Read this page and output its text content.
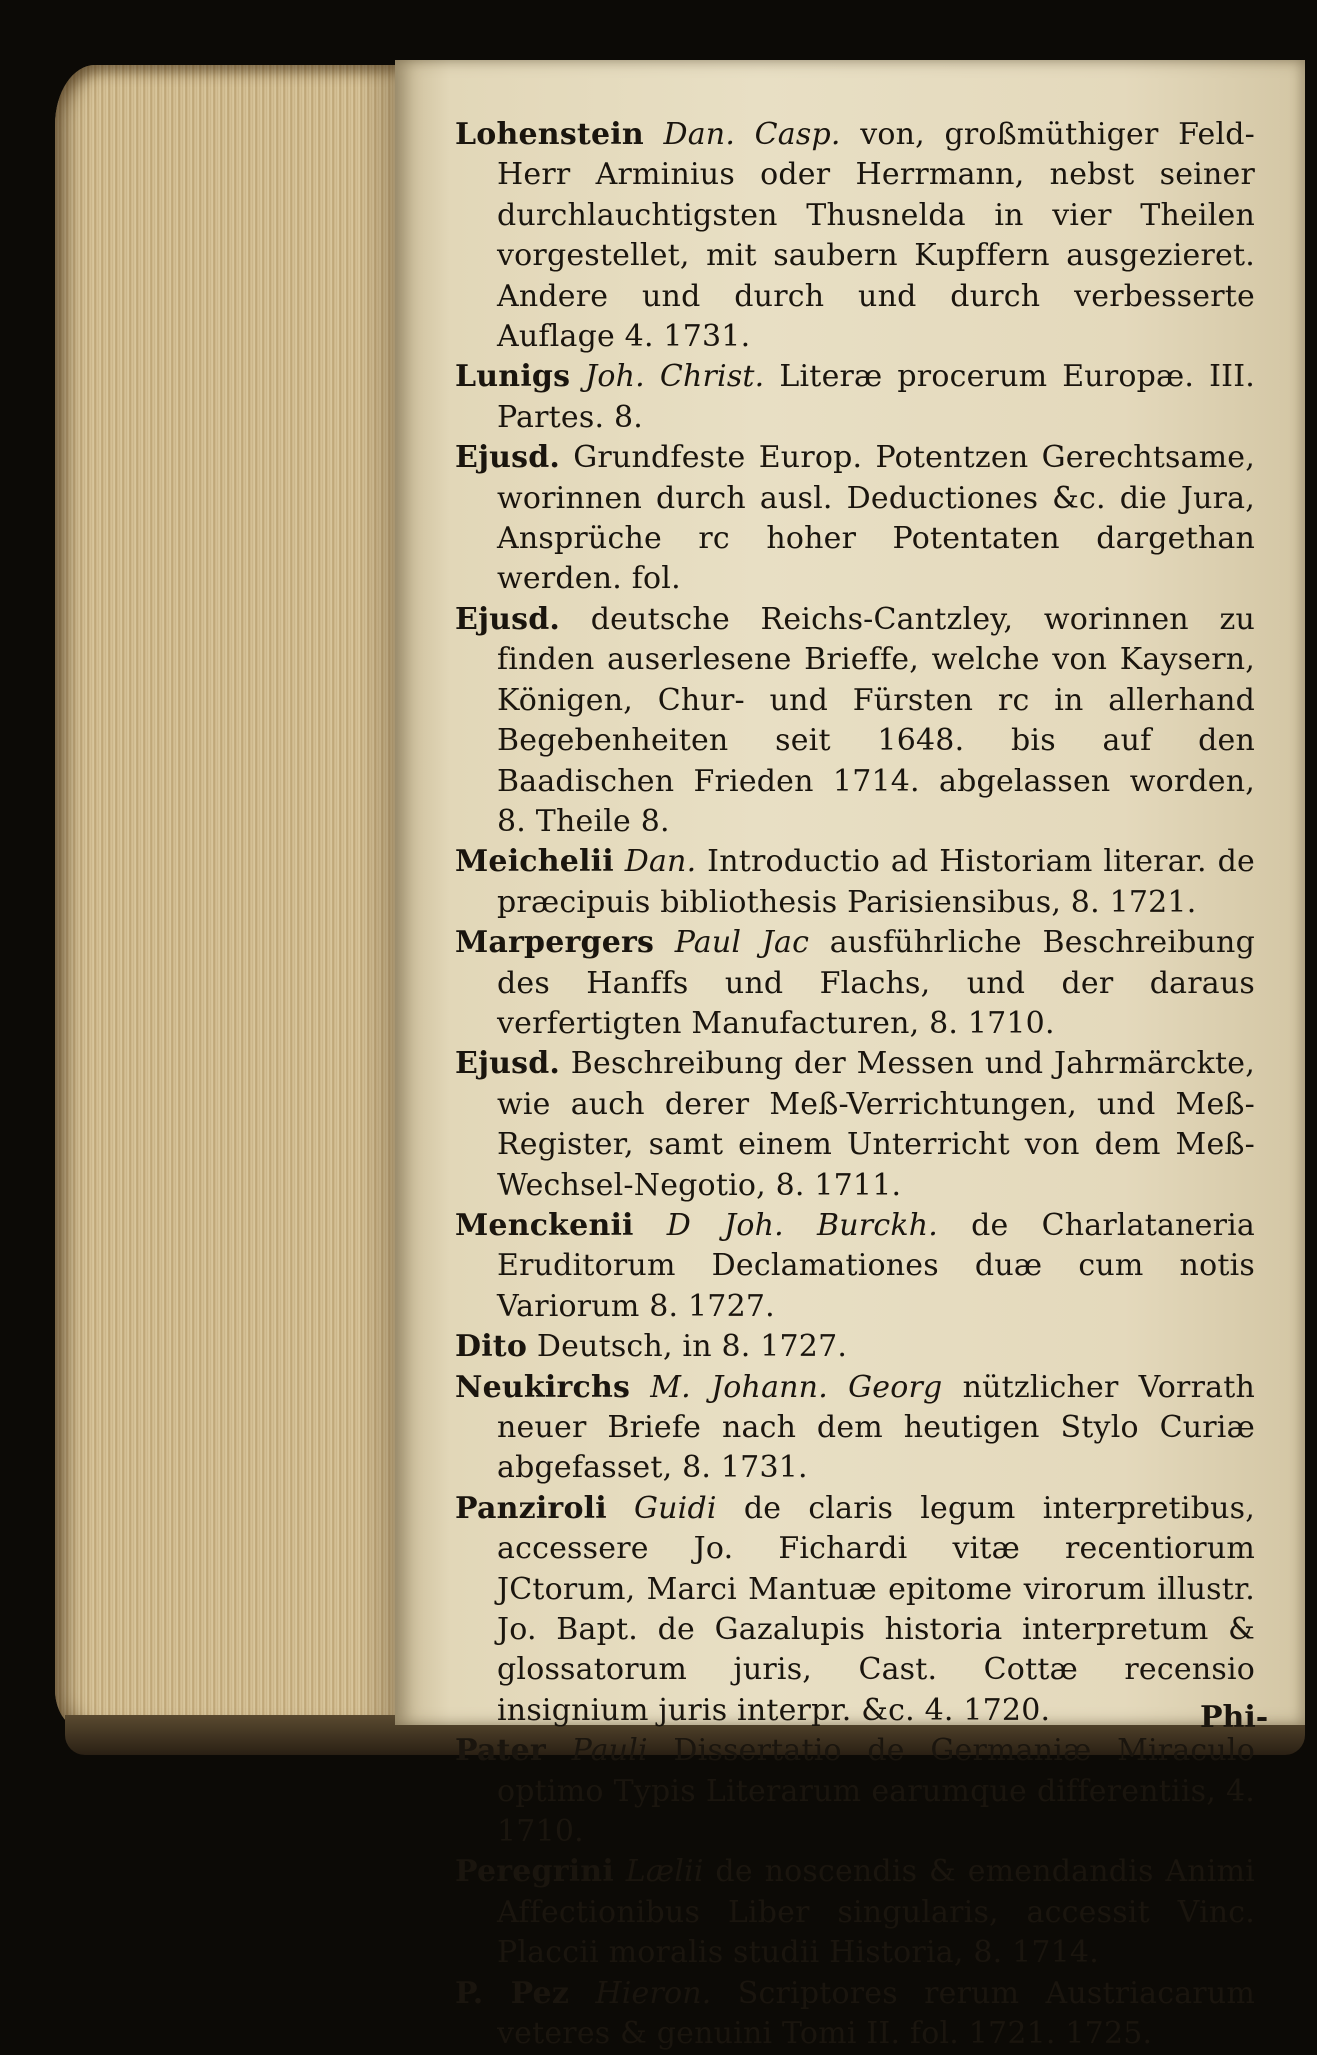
Lohenstein Dan. Casp. von, großmüthiger Feld-Herr Arminius oder Herrmann, nebst seiner durchlauchtigsten Thusnelda in vier Theilen vorgestellet, mit saubern Kupffern ausgezieret. Andere und durch und durch verbesserte Auflage 4. 1731.

Lunigs Joh. Christ. Literæ procerum Europæ. III. Partes. 8.

Ejusd. Grundfeste Europ. Potentzen Gerechtsame, worinnen durch ausl. Deductiones &c. die Jura, Ansprüche rc hoher Potentaten dargethan werden. fol.

Ejusd. deutsche Reichs-Cantzley, worinnen zu finden auserlesene Brieffe, welche von Kaysern, Königen, Chur- und Fürsten rc in allerhand Begebenheiten seit 1648. bis auf den Baadischen Frieden 1714. abgelassen worden, 8. Theile 8.

Meichelii Dan. Introductio ad Historiam literar. de præcipuis bibliothesis Parisiensibus, 8. 1721.

Marpergers Paul Jac ausführliche Beschreibung des Hanffs und Flachs, und der daraus verfertigten Manufacturen, 8. 1710.

Ejusd. Beschreibung der Messen und Jahrmärckte, wie auch derer Meß-Verrichtungen, und Meß-Register, samt einem Unterricht von dem Meß-Wechsel-Negotio, 8. 1711.

Menckenii D Joh. Burckh. de Charlataneria Eruditorum Declamationes duæ cum notis Variorum 8. 1727.

Dito Deutsch, in 8. 1727.

Neukirchs M. Johann. Georg nützlicher Vorrath neuer Briefe nach dem heutigen Stylo Curiæ abgefasset, 8. 1731.

Panziroli Guidi de claris legum interpretibus, accessere Jo. Fichardi vitæ recentiorum JCtorum, Marci Mantuæ epitome virorum illustr. Jo. Bapt. de Gazalupis historia interpretum & glossatorum juris, Cast. Cottæ recensio insignium juris interpr. &c. 4. 1720.

Pater Pauli Dissertatio de Germaniæ Miraculo optimo Typis Literarum earumque differentiis, 4. 1710.

Peregrini Lælii de noscendis & emendandis Animi Affectionibus Liber singularis, accessit Vinc. Placcii moralis studii Historia, 8. 1714.

P. Pez Hieron. Scriptores rerum Austriacarum veteres & genuini Tomi II. fol. 1721. 1725.

Phi-
